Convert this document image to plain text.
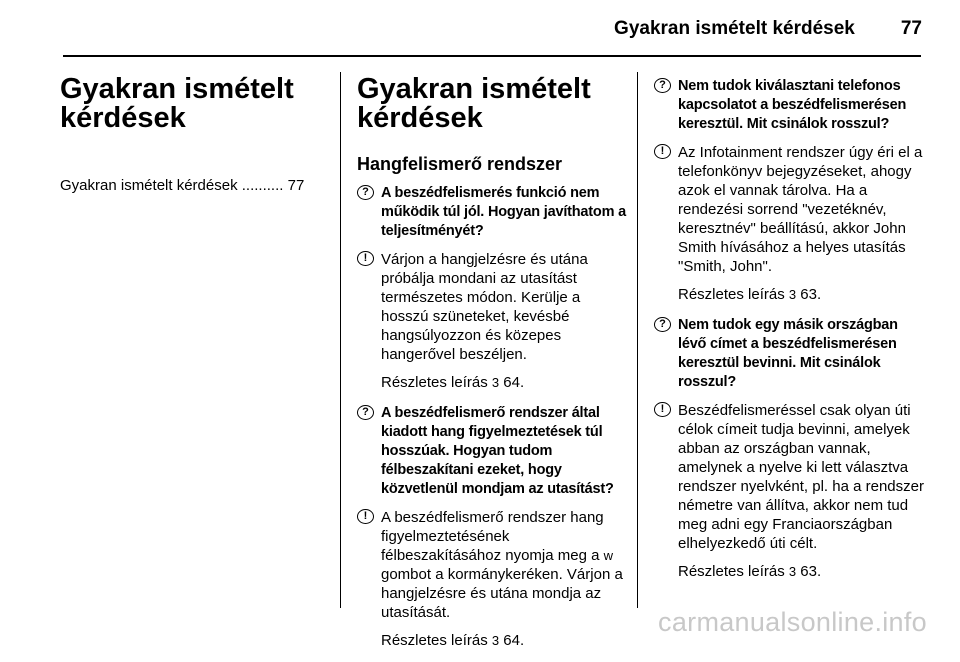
Gyakran ismételt kérdések 77
Gyakran ismételt kérdések
Gyakran ismételt kérdések .......... 77
Gyakran ismételt kérdések
Hangfelismerő rendszer
? A beszédfelismerés funkció nem működik túl jól. Hogyan javíthatom a teljesítményét?
! Várjon a hangjelzésre és utána próbálja mondani az utasítást természetes módon. Kerülje a hosszú szüneteket, kevésbé hangsúlyozzon és közepes hangerővel beszéljen.
Részletes leírás 3 64.
? A beszédfelismerő rendszer által kiadott hang figyelmeztetések túl hosszúak. Hogyan tudom félbeszakítani ezeket, hogy közvetlenül mondjam az utasítást?
! A beszédfelismerő rendszer hang figyelmeztetésének félbeszakításához nyomja meg a w gombot a kormánykeréken. Várjon a hangjelzésre és utána mondja az utasítását.
Részletes leírás 3 64.
? Nem tudok kiválasztani telefonos kapcsolatot a beszédfelismerésen keresztül. Mit csinálok rosszul?
! Az Infotainment rendszer úgy éri el a telefonkönyv bejegyzéseket, ahogy azok el vannak tárolva. Ha a rendezési sorrend "vezetéknév, keresztnév" beállítású, akkor John Smith hívásához a helyes utasítás "Smith, John".
Részletes leírás 3 63.
? Nem tudok egy másik országban lévő címet a beszédfelismerésen keresztül bevinni. Mit csinálok rosszul?
! Beszédfelismeréssel csak olyan úti célok címeit tudja bevinni, amelyek abban az országban vannak, amelynek a nyelve ki lett választva rendszer nyelvként, pl. ha a rendszer németre van állítva, akkor nem tud meg adni egy Franciaországban elhelyezkedő úti célt.
Részletes leírás 3 63.
carmanualsonline.info
